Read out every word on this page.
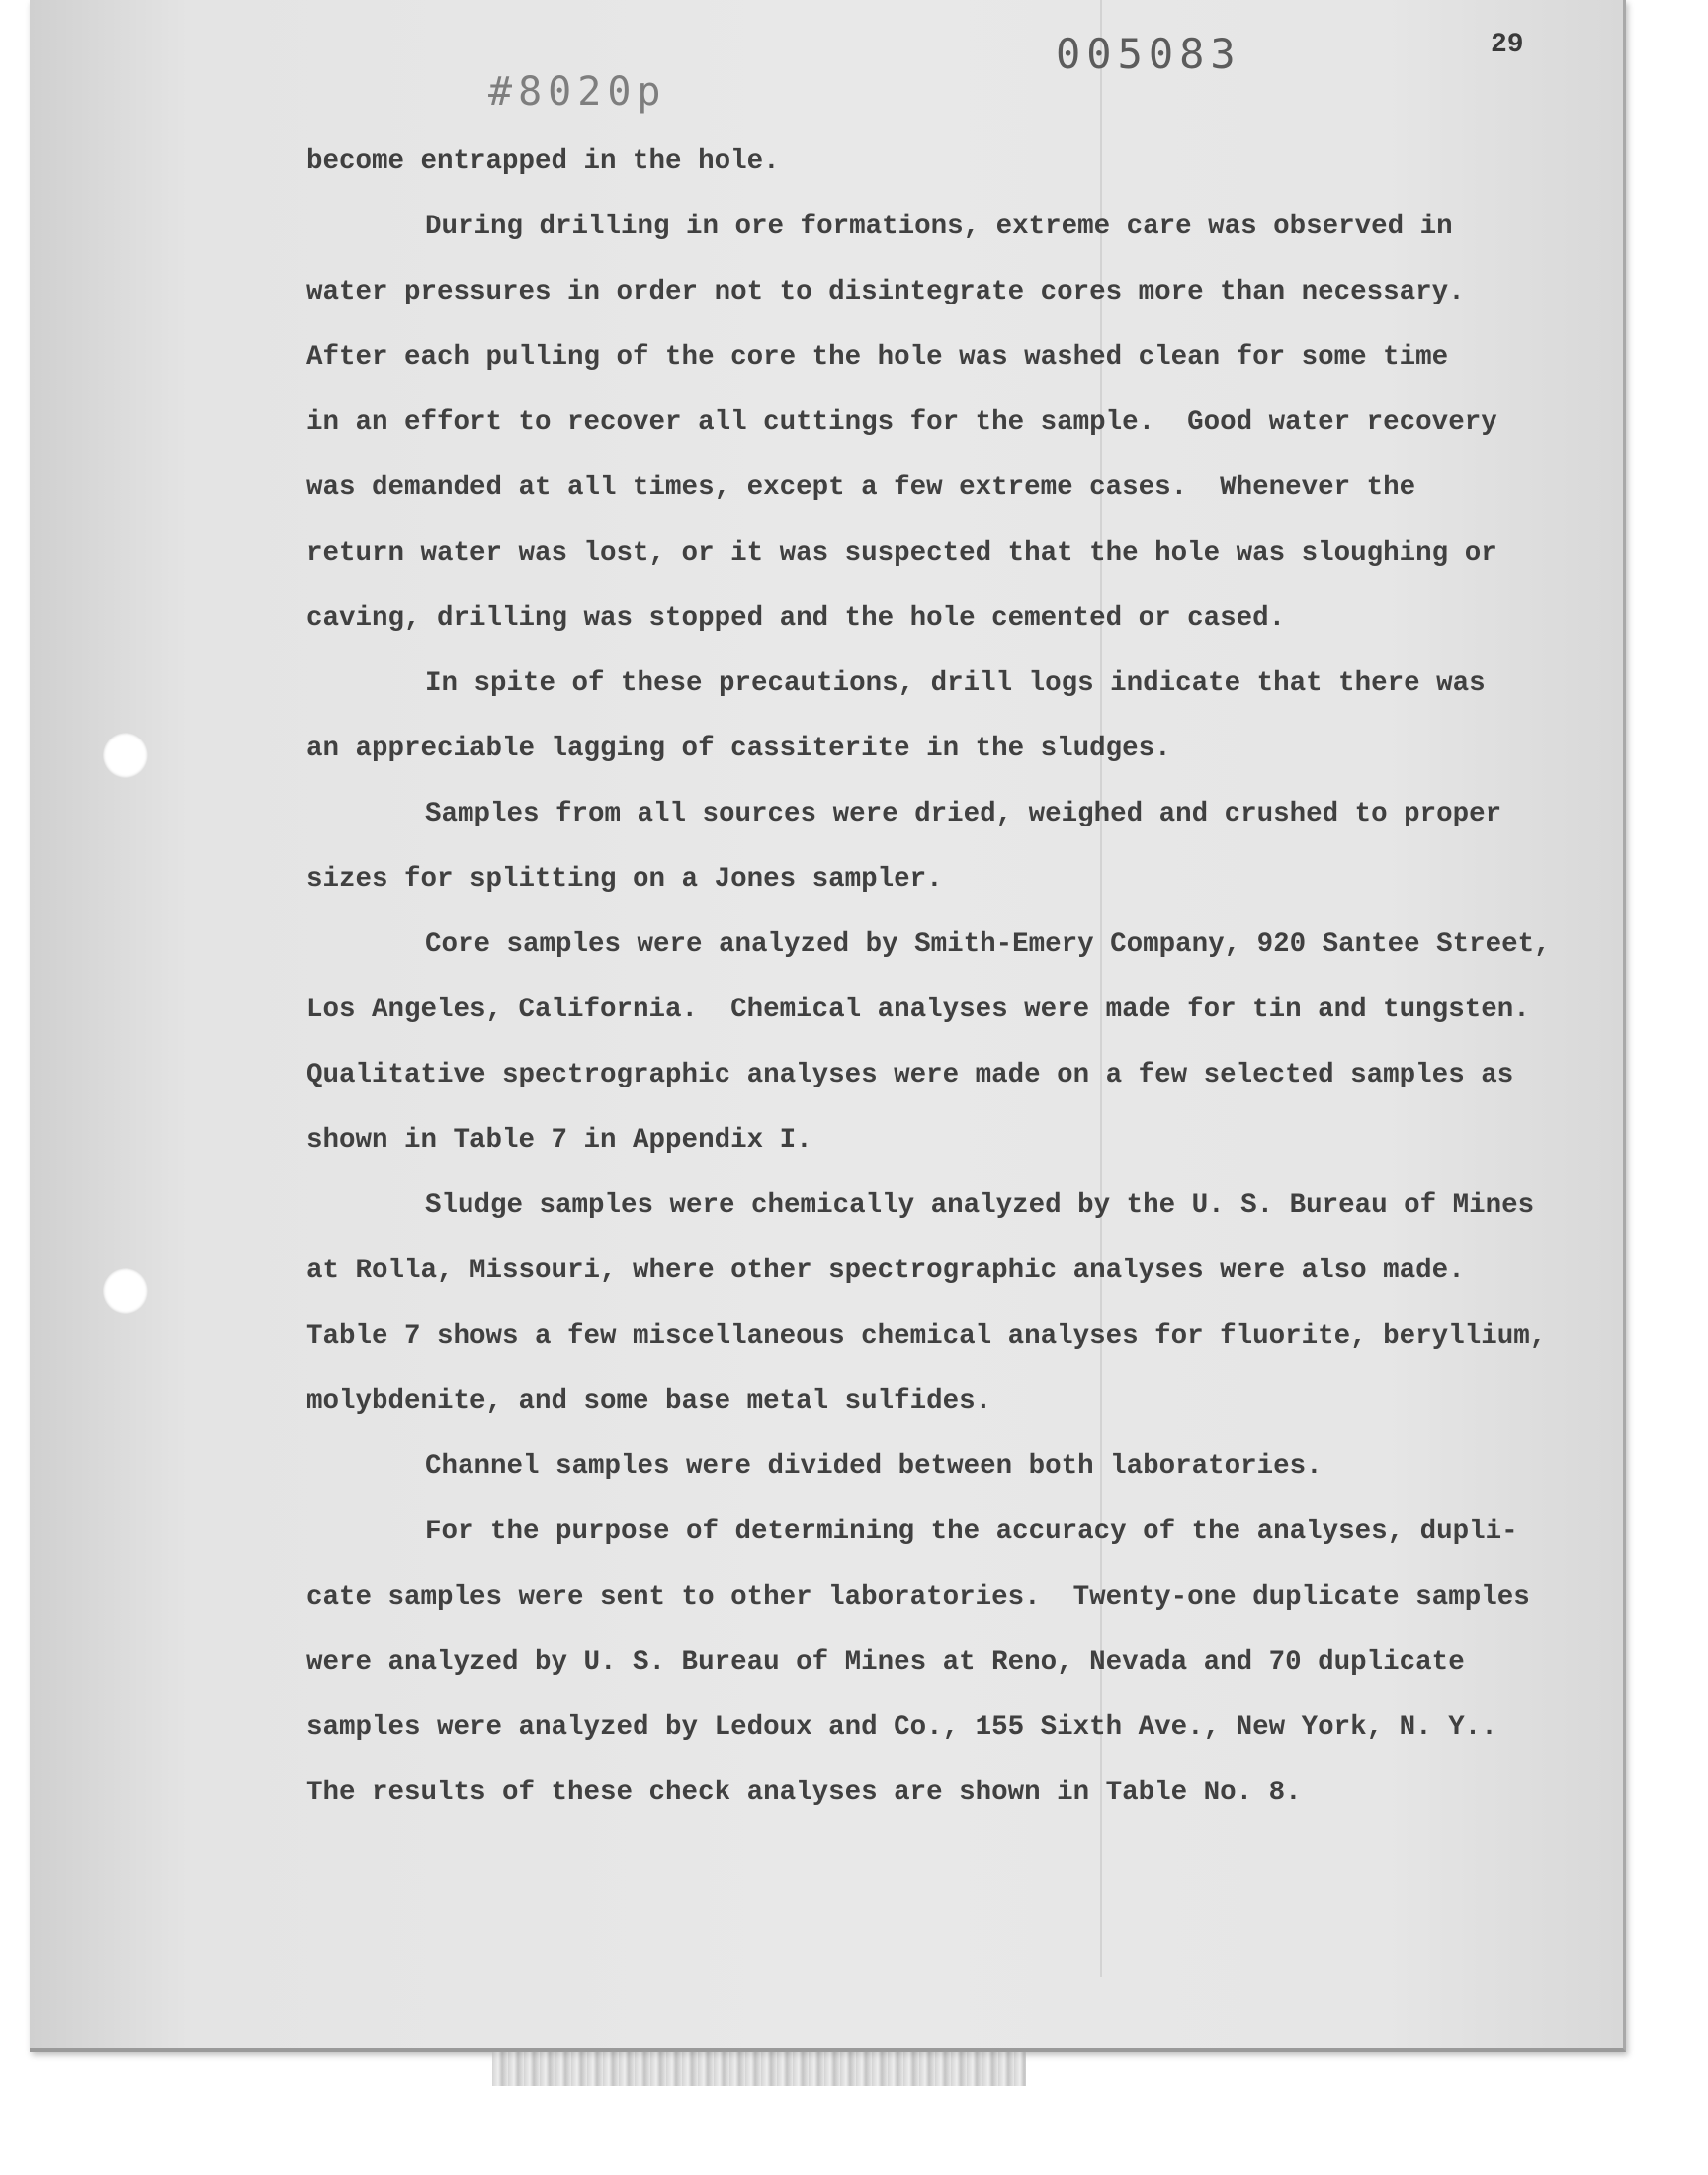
005083
#8020p
29
become entrapped in the hole.
During drilling in ore formations, extreme care was observed in
water pressures in order not to disintegrate cores more than necessary.
After each pulling of the core the hole was washed clean for some time
in an effort to recover all cuttings for the sample.  Good water recovery
was demanded at all times, except a few extreme cases.  Whenever the
return water was lost, or it was suspected that the hole was sloughing or
caving, drilling was stopped and the hole cemented or cased.
In spite of these precautions, drill logs indicate that there was
an appreciable lagging of cassiterite in the sludges.
Samples from all sources were dried, weighed and crushed to proper
sizes for splitting on a Jones sampler.
Core samples were analyzed by Smith-Emery Company, 920 Santee Street,
Los Angeles, California.  Chemical analyses were made for tin and tungsten.
Qualitative spectrographic analyses were made on a few selected samples as
shown in Table 7 in Appendix I.
Sludge samples were chemically analyzed by the U. S. Bureau of Mines
at Rolla, Missouri, where other spectrographic analyses were also made.
Table 7 shows a few miscellaneous chemical analyses for fluorite, beryllium,
molybdenite, and some base metal sulfides.
Channel samples were divided between both laboratories.
For the purpose of determining the accuracy of the analyses, dupli-
cate samples were sent to other laboratories.  Twenty-one duplicate samples
were analyzed by U. S. Bureau of Mines at Reno, Nevada and 70 duplicate
samples were analyzed by Ledoux and Co., 155 Sixth Ave., New York, N. Y..
The results of these check analyses are shown in Table No. 8.
